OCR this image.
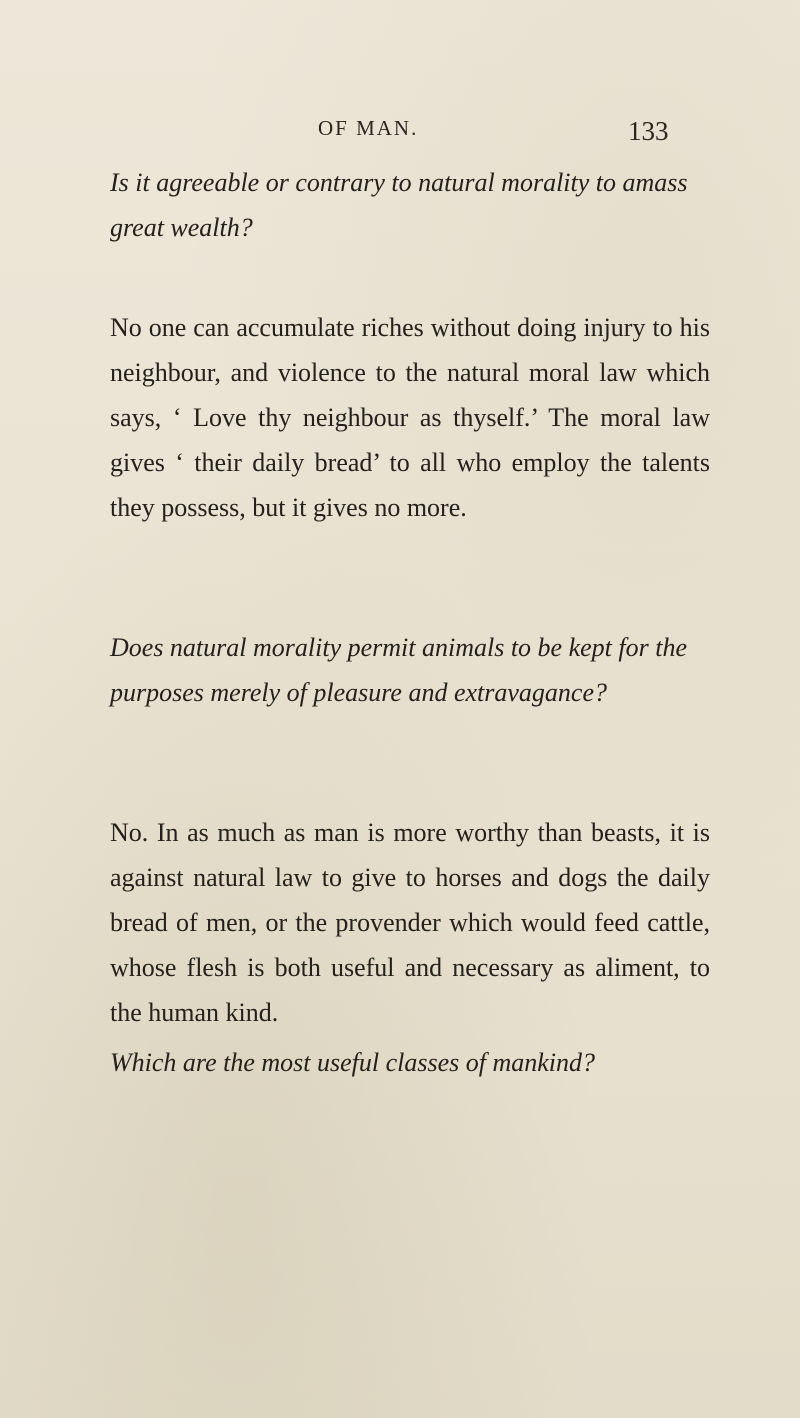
OF MAN.	133

Is it agreeable or contrary to natural morality to amass great wealth?

No one can accumulate riches without doing injury to his neighbour, and violence to the natural moral law which says, ‘ Love thy neighbour as thyself.’ The moral law gives ‘ their daily bread’ to all who employ the talents they possess, but it gives no more.

Does natural morality permit animals to be kept for the purposes merely of pleasure and extravagance?

No. In as much as man is more worthy than beasts, it is against natural law to give to horses and dogs the daily bread of men, or the provender which would feed cattle, whose flesh is both useful and necessary as aliment, to the human kind.

Which are the most useful classes of mankind?
